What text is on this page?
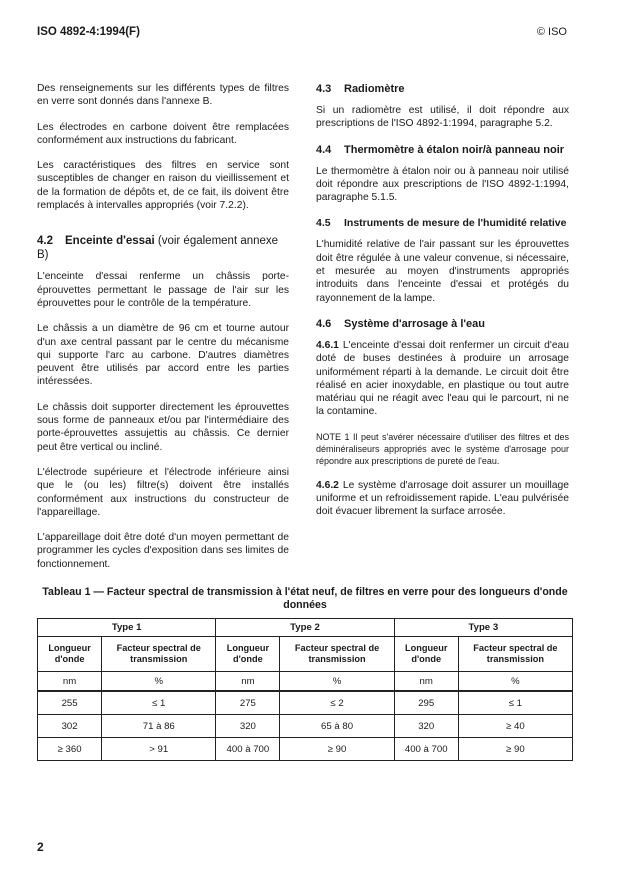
ISO 4892-4:1994(F)	© ISO

Des renseignements sur les différents types de filtres en verre sont donnés dans l'annexe B.

Les électrodes en carbone doivent être remplacées conformément aux instructions du fabricant.

Les caractéristiques des filtres en service sont susceptibles de changer en raison du vieillissement et de la formation de dépôts et, de ce fait, ils doivent être remplacés à intervalles appropriés (voir 7.2.2).

4.2 Enceinte d'essai (voir également annexe B)

L'enceinte d'essai renferme un châssis porte-éprouvettes permettant le passage de l'air sur les éprouvettes pour le contrôle de la température.

Le châssis a un diamètre de 96 cm et tourne autour d'un axe central passant par le centre du mécanisme qui supporte l'arc au carbone. D'autres diamètres peuvent être utilisés par accord entre les parties intéressées.

Le châssis doit supporter directement les éprouvettes sous forme de panneaux et/ou par l'intermédiaire des porte-éprouvettes assujettis au châssis. Ce dernier peut être vertical ou incliné.

L'électrode supérieure et l'électrode inférieure ainsi que le (ou les) filtre(s) doivent être installés conformément aux instructions du constructeur de l'appareillage.

L'appareillage doit être doté d'un moyen permettant de programmer les cycles d'exposition dans ses limites de fonctionnement.

4.3 Radiomètre

Si un radiomètre est utilisé, il doit répondre aux prescriptions de l'ISO 4892-1:1994, paragraphe 5.2.

4.4 Thermomètre à étalon noir/à panneau noir

Le thermomètre à étalon noir ou à panneau noir utilisé doit répondre aux prescriptions de l'ISO 4892-1:1994, paragraphe 5.1.5.

4.5 Instruments de mesure de l'humidité relative

L'humidité relative de l'air passant sur les éprouvettes doit être régulée à une valeur convenue, si nécessaire, et mesurée au moyen d'instruments appropriés introduits dans l'enceinte d'essai et protégés du rayonnement de la lampe.

4.6 Système d'arrosage à l'eau

4.6.1 L'enceinte d'essai doit renfermer un circuit d'eau doté de buses destinées à produire un arrosage uniformément réparti à la demande. Le circuit doit être réalisé en acier inoxydable, en plastique ou tout autre matériau qui ne réagit avec l'eau qui le parcourt, ni ne la contamine.

NOTE 1 Il peut s'avérer nécessaire d'utiliser des filtres et des déminéraliseurs appropriés avec le système d'arrosage pour répondre aux prescriptions de pureté de l'eau.

4.6.2 Le système d'arrosage doit assurer un mouillage uniforme et un refroidissement rapide. L'eau pulvérisée doit évacuer librement la surface arrosée.

Tableau 1 — Facteur spectral de transmission à l'état neuf, de filtres en verre pour des longueurs d'onde données
Type 1		Type 2		Type 3	
Longueur d'onde	Facteur spectral de transmission	Longueur d'onde	Facteur spectral de transmission	Longueur d'onde	Facteur spectral de transmission
nm	%	nm	%	nm	%
255	≤ 1	275	≤ 2	295	≤ 1
302	71 à 86	320	65 à 80	320	≥ 40
≥ 360	> 91	400 à 700	≥ 90	400 à 700	≥ 90
2
